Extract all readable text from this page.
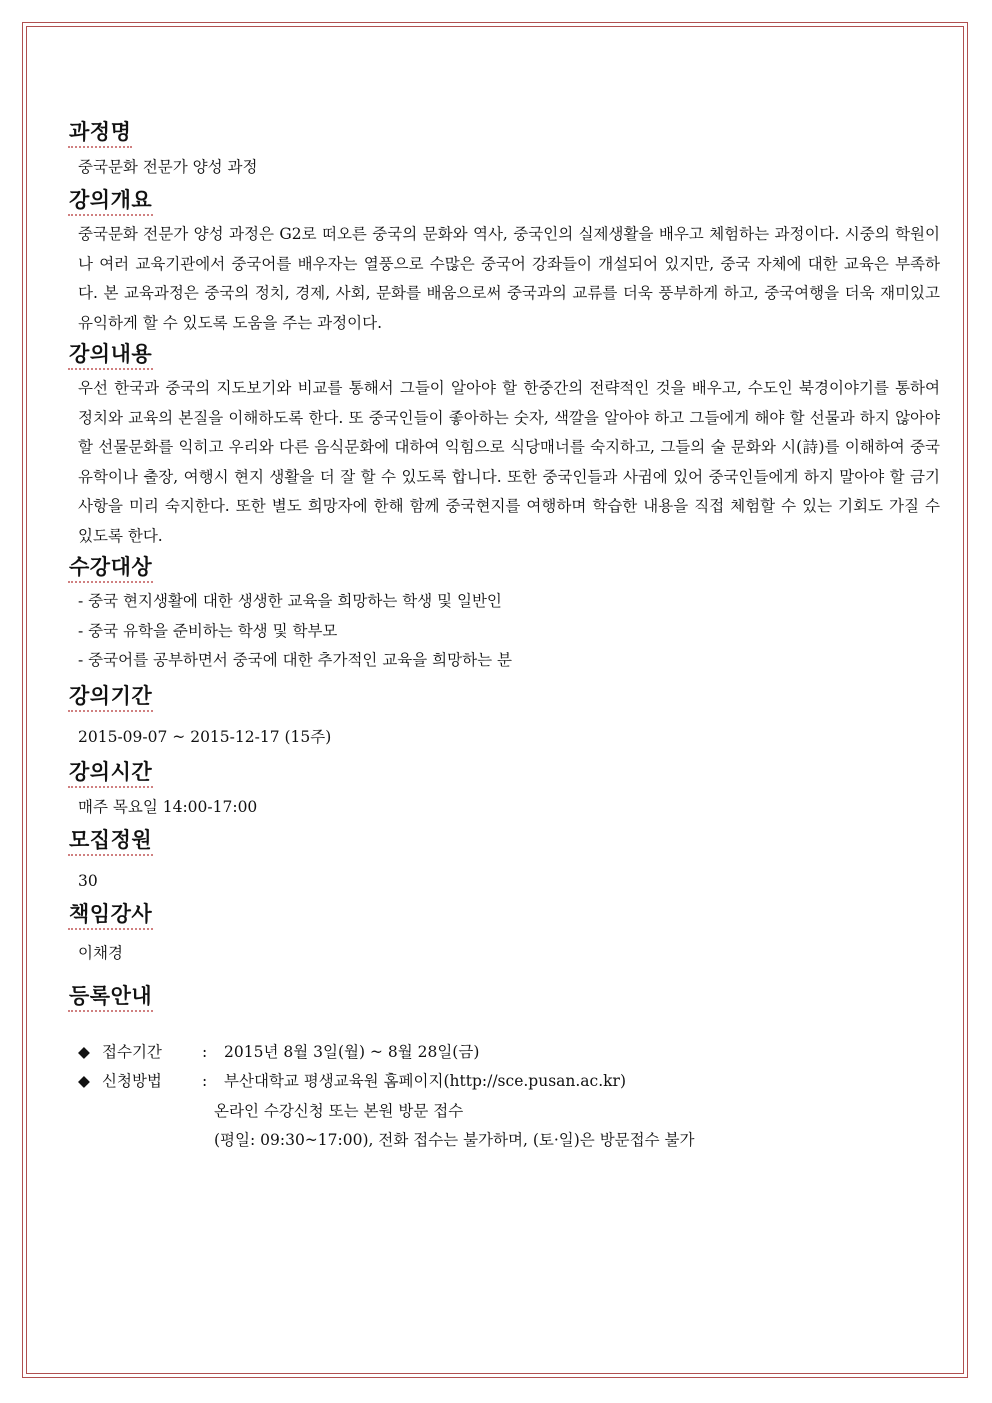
과정명
중국문화 전문가 양성 과정
강의개요
중국문화 전문가 양성 과정은 G2로 떠오른 중국의 문화와 역사, 중국인의 실제생활을 배우고 체험하는 과정이다. 시중의 학원이나 여러 교육기관에서 중국어를 배우자는 열풍으로 수많은 중국어 강좌들이 개설되어 있지만, 중국 자체에 대한 교육은 부족하다. 본 교육과정은 중국의 정치, 경제, 사회, 문화를 배움으로써 중국과의 교류를 더욱 풍부하게 하고, 중국여행을 더욱 재미있고 유익하게 할 수 있도록 도움을 주는 과정이다.
강의내용
우선 한국과 중국의 지도보기와 비교를 통해서 그들이 알아야 할 한중간의 전략적인 것을 배우고, 수도인 북경이야기를 통하여 정치와 교육의 본질을 이해하도록 한다. 또 중국인들이 좋아하는 숫자, 색깔을 알아야 하고 그들에게 해야 할 선물과 하지 않아야 할 선물문화를 익히고 우리와 다른 음식문화에 대하여 익힘으로 식당매너를 숙지하고, 그들의 술 문화와 시(詩)를 이해하여 중국유학이나 출장, 여행시 현지 생활을 더 잘 할 수 있도록 합니다. 또한 중국인들과 사귐에 있어 중국인들에게 하지 말아야 할 금기사항을 미리 숙지한다. 또한 별도 희망자에 한해 함께 중국현지를 여행하며 학습한 내용을 직접 체험할 수 있는 기회도 가질 수 있도록 한다.
수강대상
- 중국 현지생활에 대한 생생한 교육을 희망하는 학생 및 일반인
- 중국 유학을 준비하는 학생 및 학부모
- 중국어를 공부하면서 중국에 대한 추가적인 교육을 희망하는 분
강의기간
2015-09-07 ~ 2015-12-17 (15주)
강의시간
매주 목요일 14:00-17:00
모집정원
30
책임강사
이채경
등록안내
◆ 접수기간	:	2015년 8월 3일(월) ~ 8월 28일(금)
◆ 신청방법	:	부산대학교 평생교육원 홈페이지(http://sce.pusan.ac.kr)
온라인 수강신청 또는 본원 방문 접수
(평일: 09:30~17:00), 전화 접수는 불가하며, (토·일)은 방문접수 불가
